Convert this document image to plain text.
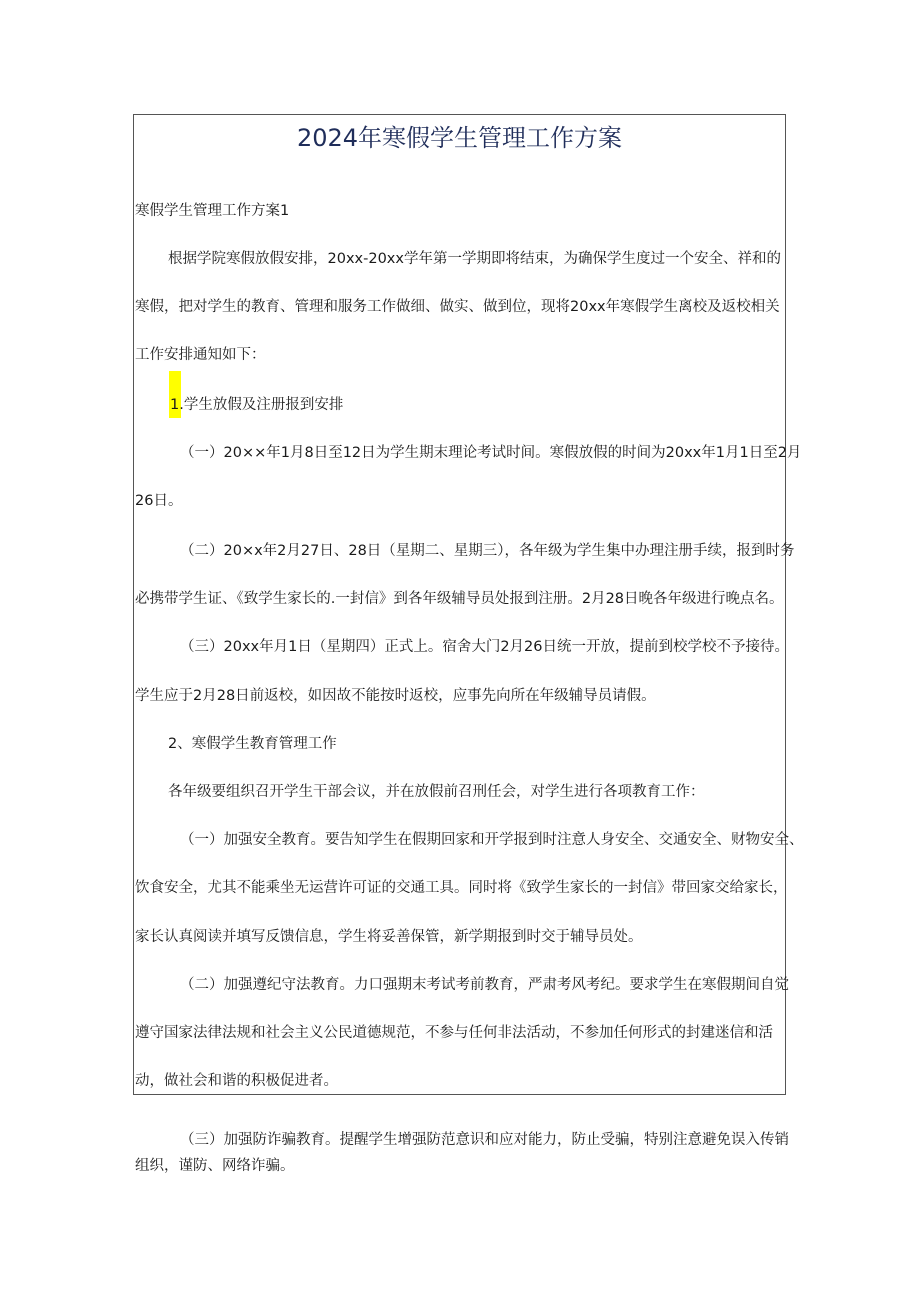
2024年寒假学生管理工作方案
寒假学生管理工作方案1
根据学院寒假放假安排，20xx-20xx学年第一学期即将结束，为确保学生度过一个安全、祥和的
寒假，把对学生的教育、管理和服务工作做细、做实、做到位，现将20xx年寒假学生离校及返校相关
工作安排通知如下：
1.学生放假及注册报到安排
（一）20××年1月8日至12日为学生期末理论考试时间。寒假放假的时间为20xx年1月1日至2月
26日。
（二）20×x年2月27日、28日（星期二、星期三），各年级为学生集中办理注册手续，报到时务
必携带学生证、《致学生家长的.一封信》到各年级辅导员处报到注册。2月28日晚各年级进行晚点名。
（三）20xx年月1日（星期四）正式上。宿舍大门2月26日统一开放，提前到校学校不予接待。
学生应于2月28日前返校，如因故不能按时返校，应事先向所在年级辅导员请假。
2、寒假学生教育管理工作
各年级要组织召开学生干部会议，并在放假前召刑任会，对学生进行各项教育工作：
（一）加强安全教育。要告知学生在假期回家和开学报到时注意人身安全、交通安全、财物安全、
饮食安全，尤其不能乘坐无运营许可证的交通工具。同时将《致学生家长的一封信》带回家交给家长，
家长认真阅读并填写反馈信息，学生将妥善保管，新学期报到时交于辅导员处。
（二）加强遵纪守法教育。力口强期末考试考前教育，严肃考风考纪。要求学生在寒假期间自觉
遵守国家法律法规和社会主义公民道德规范，不参与任何非法活动，不参加任何形式的封建迷信和活
动，做社会和谐的积极促进者。
（三）加强防诈骗教育。提醒学生增强防范意识和应对能力，防止受骗，特别注意避免误入传销
组织，谨防、网络诈骗。
